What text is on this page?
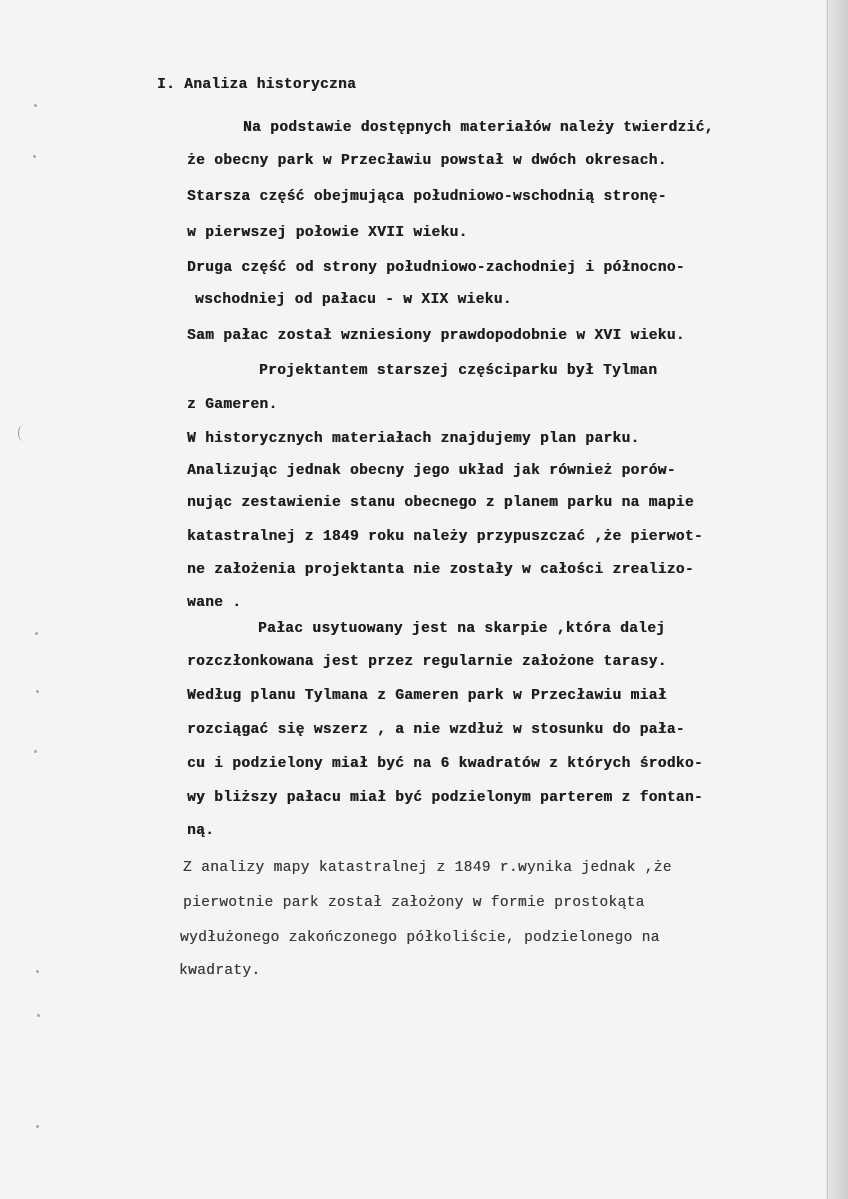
I. Analiza historyczna
Na podstawie dostępnych materiałów należy twierdzić,
że obecny park w Przecławiu powstał w dwóch okresach.
Starsza część obejmująca południowo-wschodnią stronę-
w pierwszej połowie XVII wieku.
Druga część od strony południowo-zachodniej i północno-
wschodniej od pałacu - w XIX wieku.
Sam pałac został wzniesiony prawdopodobnie w XVI wieku.
Projektantem starszej częściparku był Tylman
z Gameren.
W historycznych materiałach znajdujemy plan parku.
Analizując jednak obecny jego układ jak również porów-
nując zestawienie stanu obecnego z planem parku na mapie
katastralnej z 1849 roku należy przypuszczać ,że pierwot-
ne założenia projektanta nie zostały w całości zrealizo-
wane .
Pałac usytuowany jest na skarpie ,która dalej
rozczłonkowana jest przez regularnie założone tarasy.
Według planu Tylmana z Gameren park w Przecławiu miał
rozciągać się wszerz , a nie wzdłuż w stosunku do pała-
cu i podzielony miał być na 6 kwadratów z których środko-
wy bliższy pałacu miał być podzielonym parterem z fontan-
ną.
Z analizy mapy katastralnej z 1849 r.wynika jednak ,że
pierwotnie park został założony w formie prostokąta
wydłużonego zakończonego półkoliście, podzielonego na
kwadraty.
